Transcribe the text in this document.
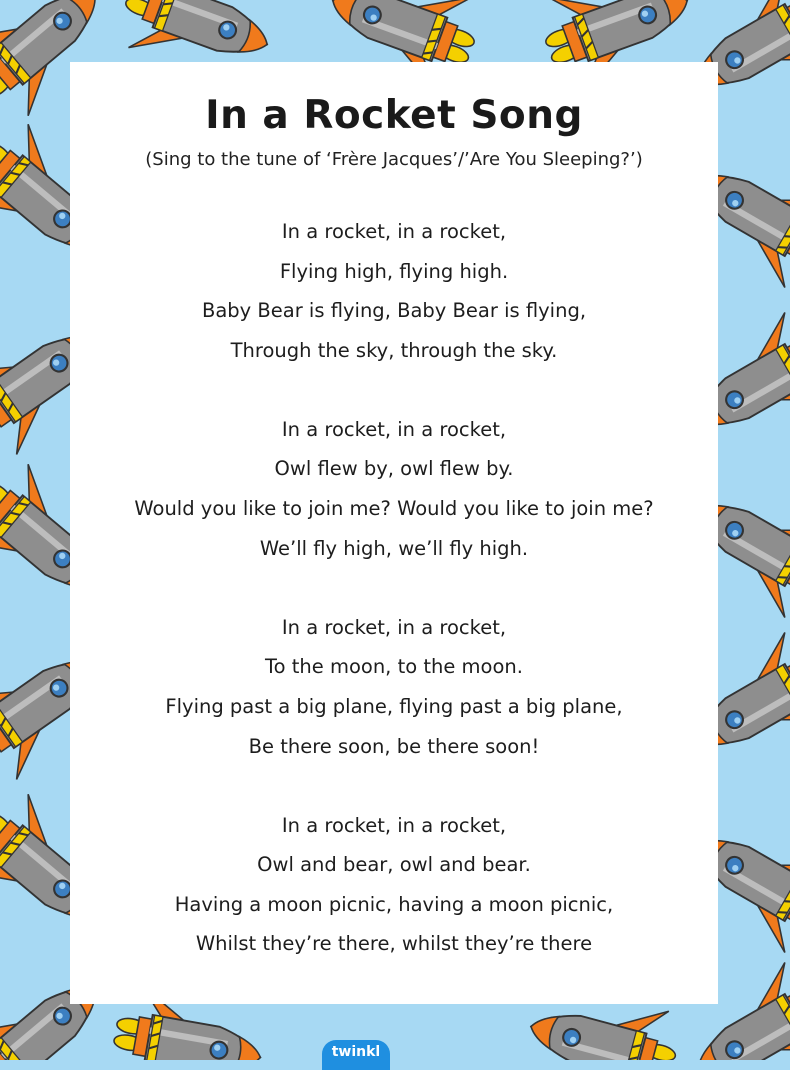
In a Rocket Song
(Sing to the tune of ‘Frère Jacques’/’Are You Sleeping?’)
In a rocket, in a rocket,
Flying high, flying high.
Baby Bear is flying, Baby Bear is flying,
Through the sky, through the sky.
In a rocket, in a rocket,
Owl flew by, owl flew by.
Would you like to join me? Would you like to join me?
We’ll fly high, we’ll fly high.
In a rocket, in a rocket,
To the moon, to the moon.
Flying past a big plane, flying past a big plane,
Be there soon, be there soon!
In a rocket, in a rocket,
Owl and bear, owl and bear.
Having a moon picnic, having a moon picnic,
Whilst they’re there, whilst they’re there
twinkl
